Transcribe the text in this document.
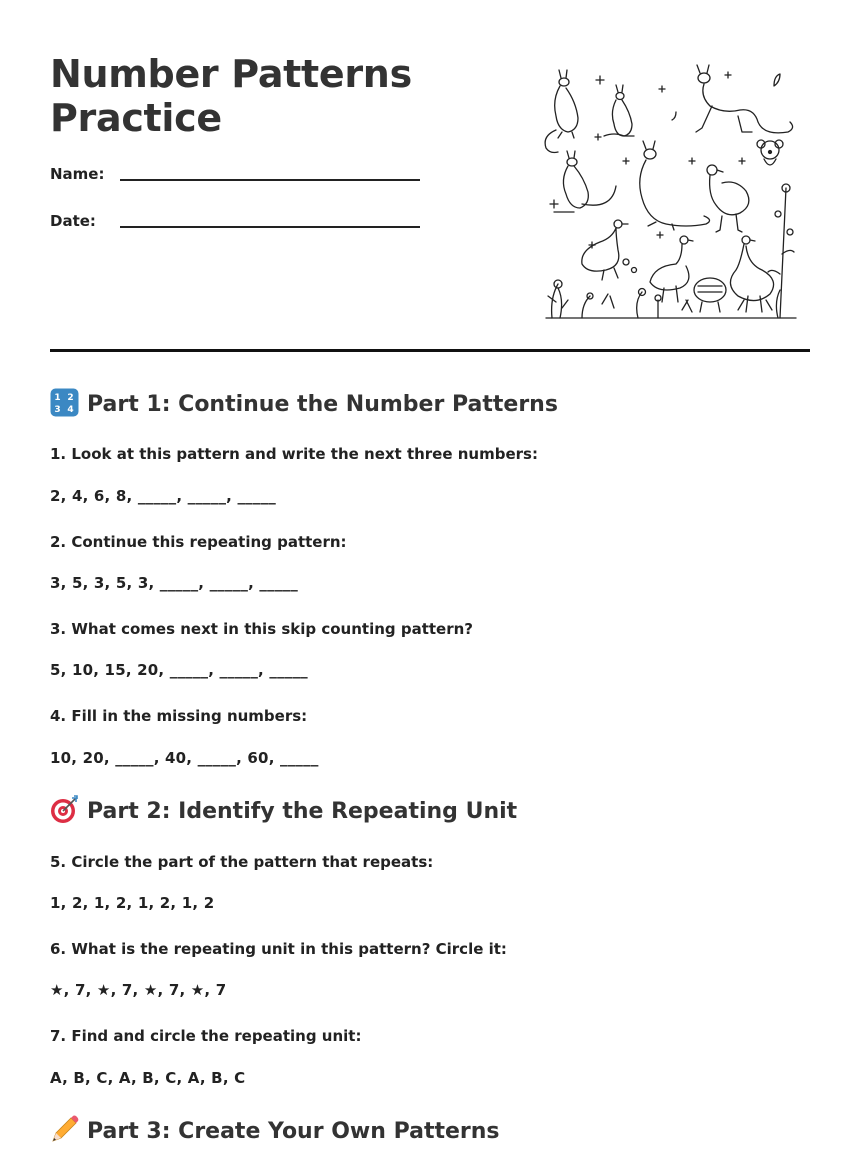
Number Patterns Practice
Name:
Date:
1 2
3 4 Part 1: Continue the Number Patterns

1. Look at this pattern and write the next three numbers:

2, 4, 6, 8, _____, _____, _____

2. Continue this repeating pattern:

3, 5, 3, 5, 3, _____, _____, _____

3. What comes next in this skip counting pattern?

5, 10, 15, 20, _____, _____, _____

4. Fill in the missing numbers:

10, 20, _____, 40, _____, 60, _____

Part 2: Identify the Repeating Unit

5. Circle the part of the pattern that repeats:

1, 2, 1, 2, 1, 2, 1, 2

6. What is the repeating unit in this pattern? Circle it:

★, 7, ★, 7, ★, 7, ★, 7

7. Find and circle the repeating unit:

A, B, C, A, B, C, A, B, C

Part 3: Create Your Own Patterns
